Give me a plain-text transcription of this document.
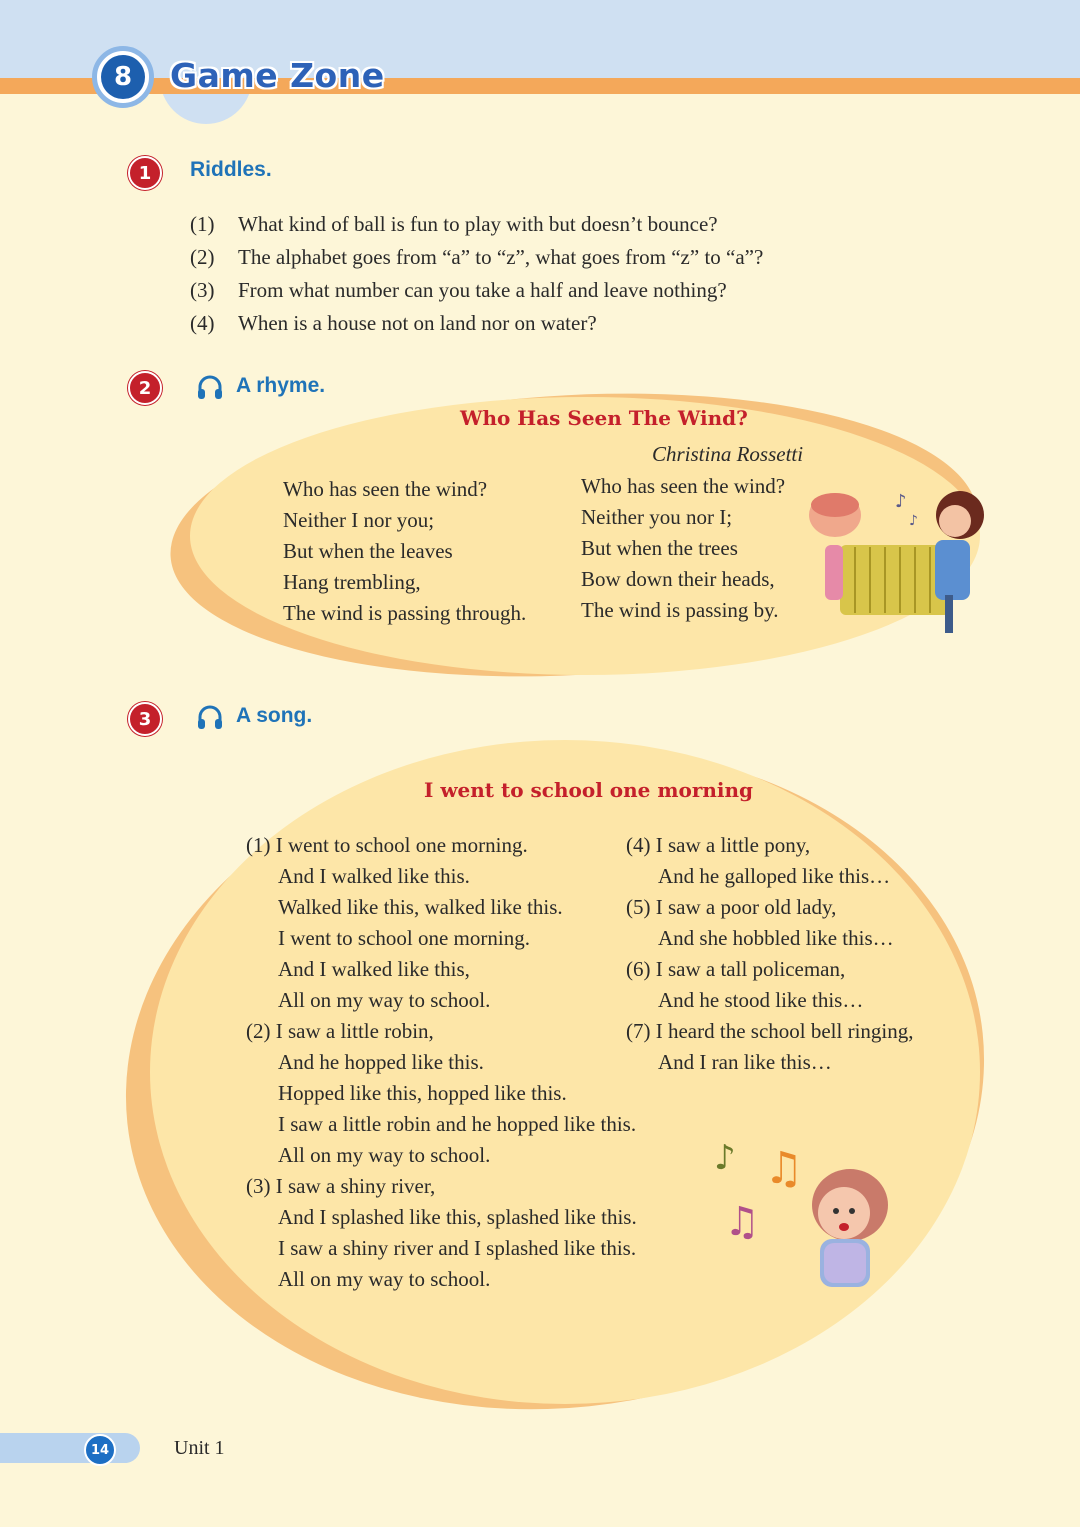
8	Game Zone
1	Riddles.
(1)	What kind of ball is fun to play with but doesn’t bounce?
(2)	The alphabet goes from “a” to “z”, what goes from “z” to “a”?
(3)	From what number can you take a half and leave nothing?
(4)	When is a house not on land nor on water?
2	A rhyme.
Who Has Seen The Wind?
Christina Rossetti
Who has seen the wind?
Neither I nor you;
But when the leaves
Hang trembling,
The wind is passing through.
Who has seen the wind?
Neither you nor I;
But when the trees
Bow down their heads,
The wind is passing by.
♪
♪
3	A song.
I went to school one morning
(1) I went to school one morning.
And I walked like this.
Walked like this, walked like this.
I went to school one morning.
And I walked like this,
All on my way to school.
(2) I saw a little robin,
And he hopped like this.
Hopped like this, hopped like this.
I saw a little robin and he hopped like this.
All on my way to school.
(3) I saw a shiny river,
And I splashed like this, splashed like this.
I saw a shiny river and I splashed like this.
All on my way to school.
(4) I saw a little pony,
And he galloped like this…
(5) I saw a poor old lady,
And she hobbled like this…
(6) I saw a tall policeman,
And he stood like this…
(7) I heard the school bell ringing,
And I ran like this…
♪ ♫
♫
14	Unit 1
